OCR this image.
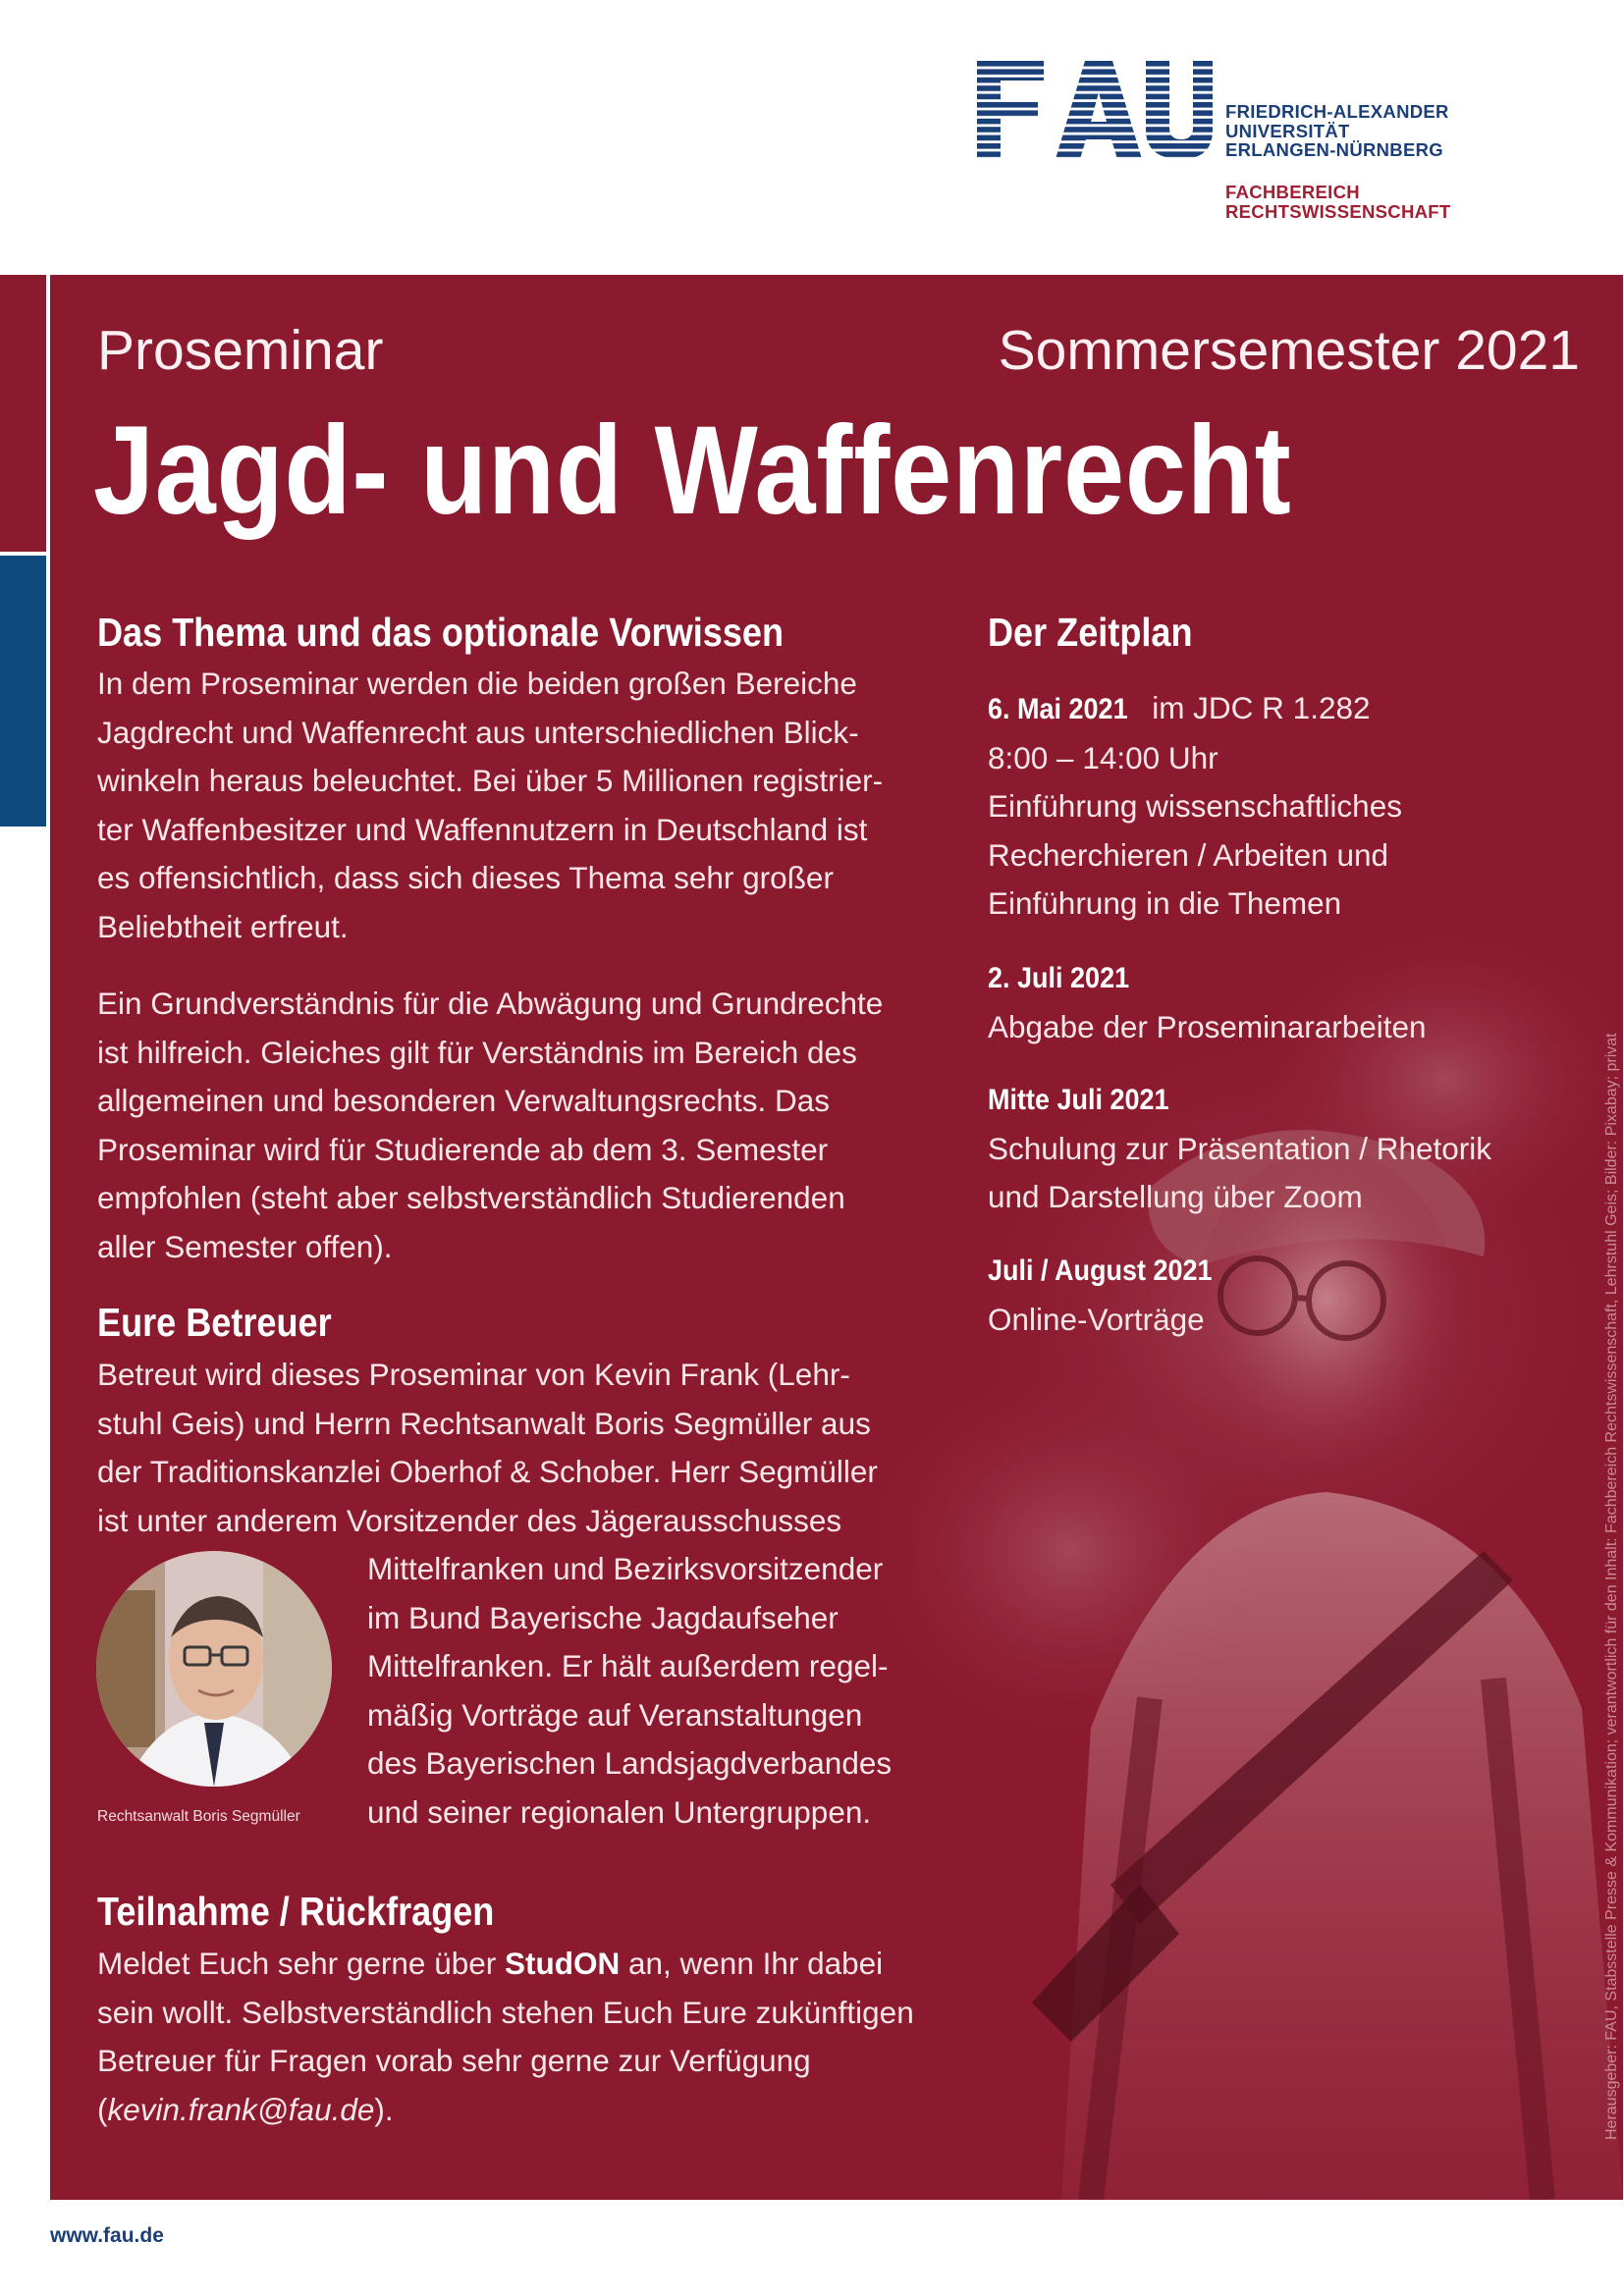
FRIEDRICH-ALEXANDER
UNIVERSITÄT
ERLANGEN-NÜRNBERG
FACHBEREICH
RECHTSWISSENSCHAFT
Proseminar	Sommersemester 2021
Jagd- und Waffenrecht
Das Thema und das optionale Vorwissen
In dem Proseminar werden die beiden großen Bereiche
Jagdrecht und Waffenrecht aus unterschiedlichen Blick-
winkeln heraus beleuchtet. Bei über 5 Millionen registrier-
ter Waffenbesitzer und Waffennutzern in Deutschland ist
es offensichtlich, dass sich dieses Thema sehr großer
Beliebtheit erfreut.
Ein Grundverständnis für die Abwägung und Grundrechte
ist hilfreich. Gleiches gilt für Verständnis im Bereich des
allgemeinen und besonderen Verwaltungsrechts. Das
Proseminar wird für Studierende ab dem 3. Semester
empfohlen (steht aber selbstverständlich Studierenden
aller Semester offen).
Eure Betreuer
Betreut wird dieses Proseminar von Kevin Frank (Lehr-
stuhl Geis) und Herrn Rechtsanwalt Boris Segmüller aus
der Traditionskanzlei Oberhof & Schober. Herr Segmüller
ist unter anderem Vorsitzender des Jägerausschusses
Mittelfranken und Bezirksvorsitzender
im Bund Bayerische Jagdaufseher
Mittelfranken. Er hält außerdem regel-
mäßig Vorträge auf Veranstaltungen
des Bayerischen Landsjagdverbandes
und seiner regionalen Untergruppen.
Rechtsanwalt Boris Segmüller
Teilnahme / Rückfragen
Meldet Euch sehr gerne über StudON an, wenn Ihr dabei
sein wollt. Selbstverständlich stehen Euch Eure zukünftigen
Betreuer für Fragen vorab sehr gerne zur Verfügung
(kevin.frank@fau.de).
Der Zeitplan
6. Mai 2021 im JDC R 1.282
8:00 – 14:00 Uhr
Einführung wissenschaftliches
Recherchieren / Arbeiten und
Einführung in die Themen
2. Juli 2021
Abgabe der Proseminararbeiten
Mitte Juli 2021
Schulung zur Präsentation / Rhetorik
und Darstellung über Zoom
Juli / August 2021
Online-Vorträge	Herausgeber: FAU, Stabsstelle Presse & Kommunikation; verantwortlich für den Inhalt: Fachbereich Rechtswissenschaft, Lehrstuhl Geis; Bilder: Pixabay; privat
www.fau.de
